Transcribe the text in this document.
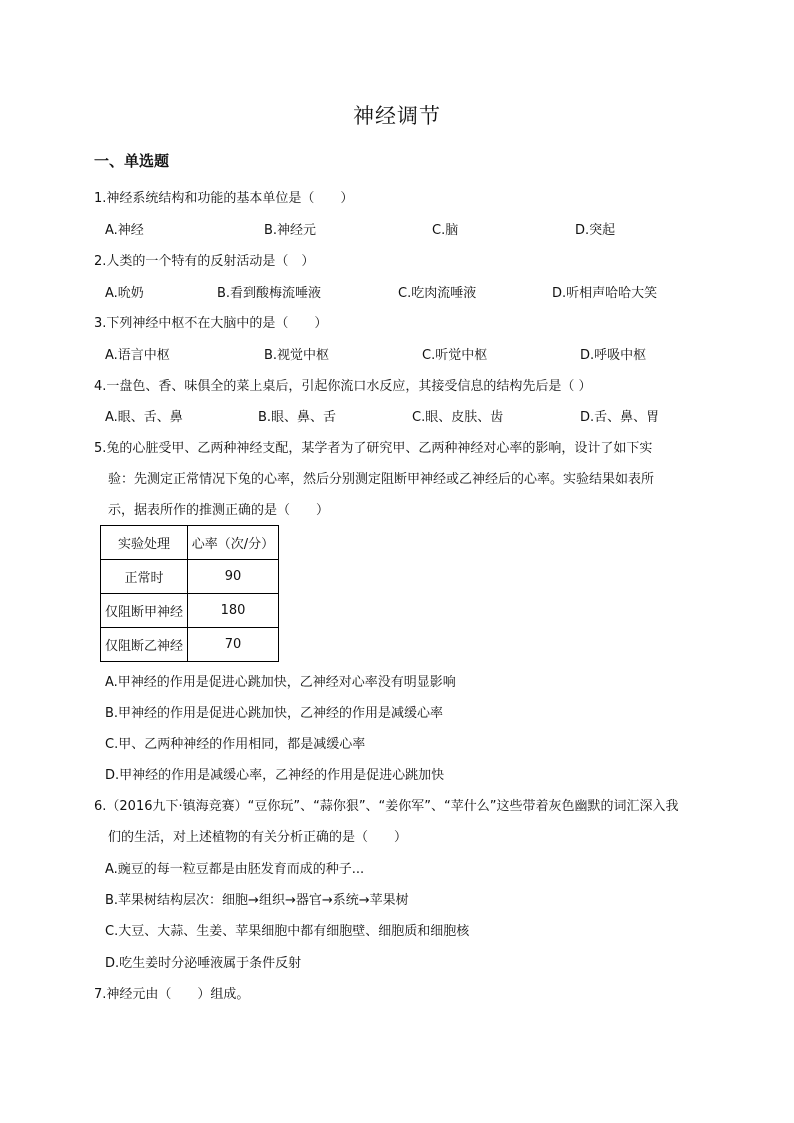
神经调节
一、单选题
1.神经系统结构和功能的基本单位是（　　）
A.神经	B.神经元	C.脑	D.突起
2.人类的一个特有的反射活动是（　）
A.吮奶	B.看到酸梅流唾液	C.吃肉流唾液	D.听相声哈哈大笑
3.下列神经中枢不在大脑中的是（　　）
A.语言中枢	B.视觉中枢	C.听觉中枢	D.呼吸中枢
4.一盘色、香、味俱全的菜上桌后，引起你流口水反应，其接受信息的结构先后是（ ）
A.眼、舌、鼻	B.眼、鼻、舌	C.眼、皮肤、齿	D.舌、鼻、胃
5.兔的心脏受甲、乙两种神经支配，某学者为了研究甲、乙两种神经对心率的影响，设计了如下实
验：先测定正常情况下兔的心率，然后分别测定阻断甲神经或乙神经后的心率。实验结果如表所
示，据表所作的推测正确的是（　　）
实验处理	心率（次/分）
正常时	90
仅阻断甲神经	180
仅阻断乙神经	70
A.甲神经的作用是促进心跳加快，乙神经对心率没有明显影响
B.甲神经的作用是促进心跳加快，乙神经的作用是减缓心率
C.甲、乙两种神经的作用相同，都是减缓心率
D.甲神经的作用是减缓心率，乙神经的作用是促进心跳加快
6.（2016九下·镇海竞赛）“豆你玩”、“蒜你狠”、“姜你军”、“苹什么”这些带着灰色幽默的词汇深入我
们的生活，对上述植物的有关分析正确的是（　　）
A.豌豆的每一粒豆都是由胚发育而成的种子...
B.苹果树结构层次：细胞→组织→器官→系统→苹果树
C.大豆、大蒜、生姜、苹果细胞中都有细胞壁、细胞质和细胞核
D.吃生姜时分泌唾液属于条件反射
7.神经元由（　　）组成。
